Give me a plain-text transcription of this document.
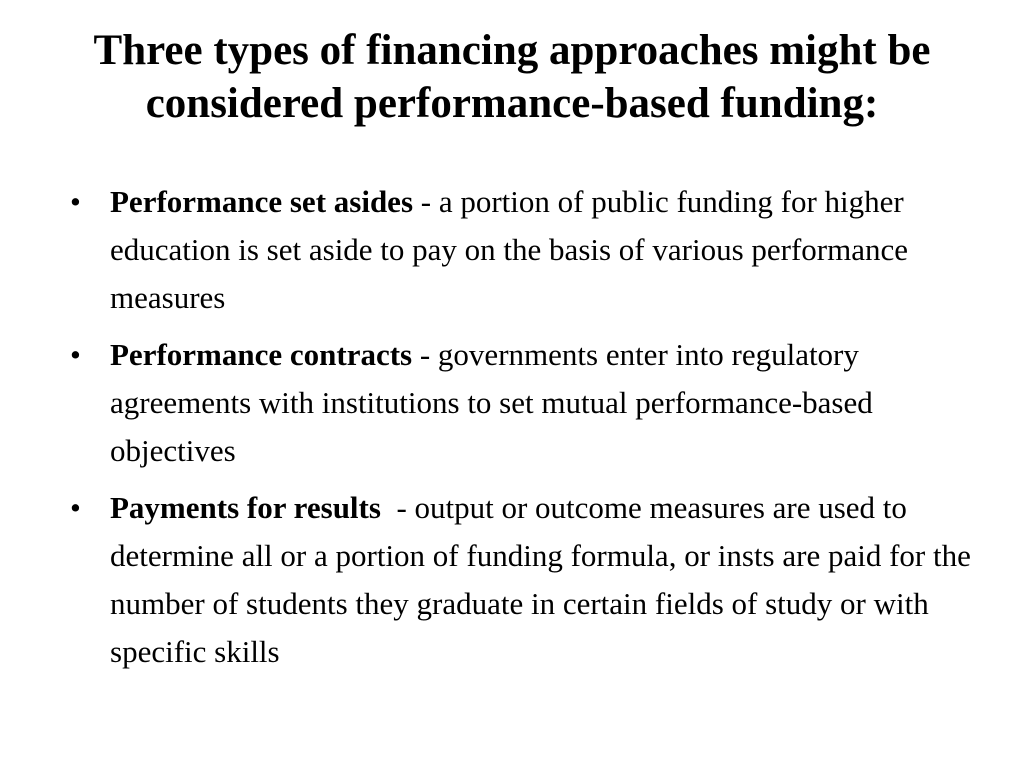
Three types of financing approaches might be considered performance-based funding:
• Performance set asides - a portion of public funding for higher education is set aside to pay on the basis of various performance measures
• Performance contracts - governments enter into regulatory agreements with institutions to set mutual performance-based objectives
• Payments for results  - output or outcome measures are used to determine all or a portion of funding formula, or insts are paid for the number of students they graduate in certain fields of study or with specific skills
